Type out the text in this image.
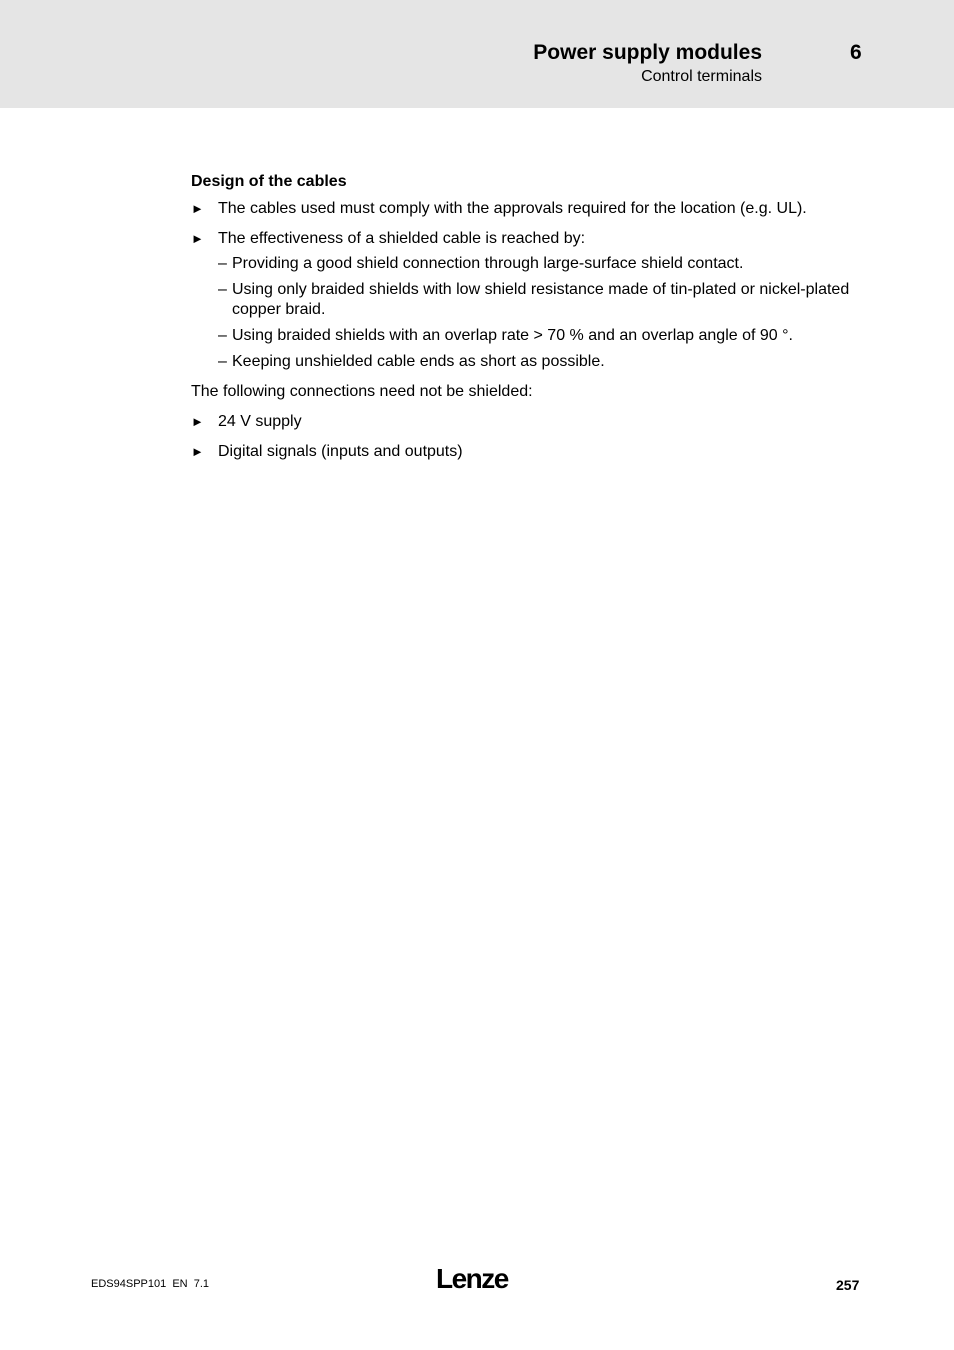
Power supply modules
Control terminals
6
Design of the cables
► The cables used must comply with the approvals required for the location (e.g. UL).
► The effectiveness of a shielded cable is reached by:
– Providing a good shield connection through large-surface shield contact.
– Using only braided shields with low shield resistance made of tin-plated or nickel-plated copper braid.
– Using braided shields with an overlap rate > 70 % and an overlap angle of 90 °.
– Keeping unshielded cable ends as short as possible.
The following connections need not be shielded:
► 24 V supply
► Digital signals (inputs and outputs)
EDS94SPP101  EN  7.1	Lenze	257
